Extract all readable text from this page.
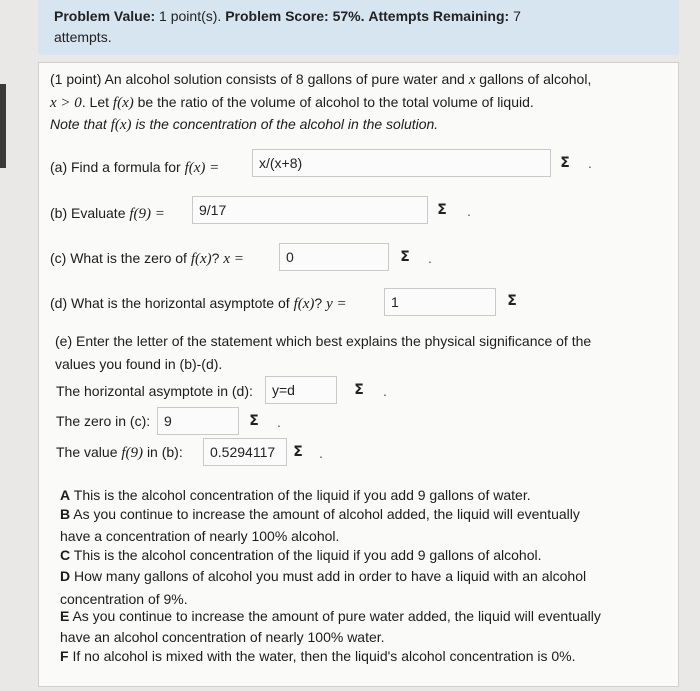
Problem Value: 1 point(s). Problem Score: 57%. Attempts Remaining: 7
attempts.
(1 point) An alcohol solution consists of 8 gallons of pure water and x gallons of alcohol,
x > 0. Let f(x) be the ratio of the volume of alcohol to the total volume of liquid.
Note that f(x) is the concentration of the alcohol in the solution.
(a) Find a formula for f(x) =	x/(x+8)	Σ	.
(b) Evaluate f(9) =	9/17	Σ	.
(c) What is the zero of f(x)? x =	0	Σ	.
(d) What is the horizontal asymptote of f(x)? y =	1	Σ
(e) Enter the letter of the statement which best explains the physical significance of the
values you found in (b)-(d).
The horizontal asymptote in (d):	y=d	Σ	.
The zero in (c): 9	Σ	.
The value f(9) in (b):	0.5294117	Σ	.
A This is the alcohol concentration of the liquid if you add 9 gallons of water.
B As you continue to increase the amount of alcohol added, the liquid will eventually
have a concentration of nearly 100% alcohol.
C This is the alcohol concentration of the liquid if you add 9 gallons of alcohol.
D How many gallons of alcohol you must add in order to have a liquid with an alcohol
concentration of 9%.
E As you continue to increase the amount of pure water added, the liquid will eventually
have an alcohol concentration of nearly 100% water.
F If no alcohol is mixed with the water, then the liquid's alcohol concentration is 0%.
